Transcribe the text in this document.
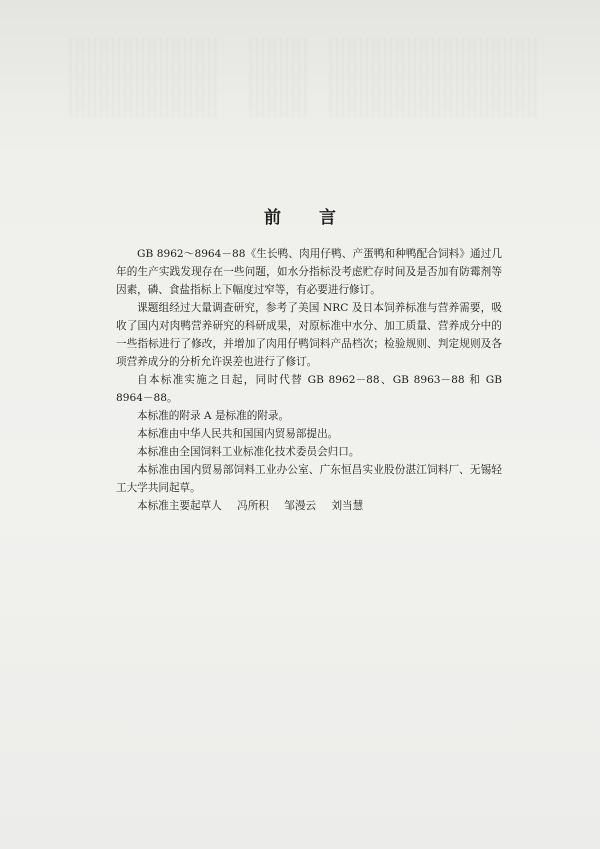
前 言

GB 8962～8964－88《生长鸭、肉用仔鸭、产蛋鸭和种鸭配合饲料》通过几年的生产实践发现存在一些问题，如水分指标没考虑贮存时间及是否加有防霉剂等因素，磷、食盐指标上下幅度过窄等，有必要进行修订。

课题组经过大量调查研究，参考了美国 NRC 及日本饲养标准与营养需要，吸收了国内对肉鸭营养研究的科研成果，对原标准中水分、加工质量、营养成分中的一些指标进行了修改，并增加了肉用仔鸭饲料产品档次；检验规则、判定规则及各项营养成分的分析允许误差也进行了修订。

自本标准实施之日起，同时代替 GB 8962－88、GB 8963－88 和 GB 8964－88。

本标准的附录 A 是标准的附录。

本标准由中华人民共和国国内贸易部提出。

本标准由全国饲料工业标准化技术委员会归口。

本标准由国内贸易部饲料工业办公室、广东恒昌实业股份湛江饲料厂、无锡轻工大学共同起草。

本标准主要起草人 冯所积 邹漫云 刘当慧
